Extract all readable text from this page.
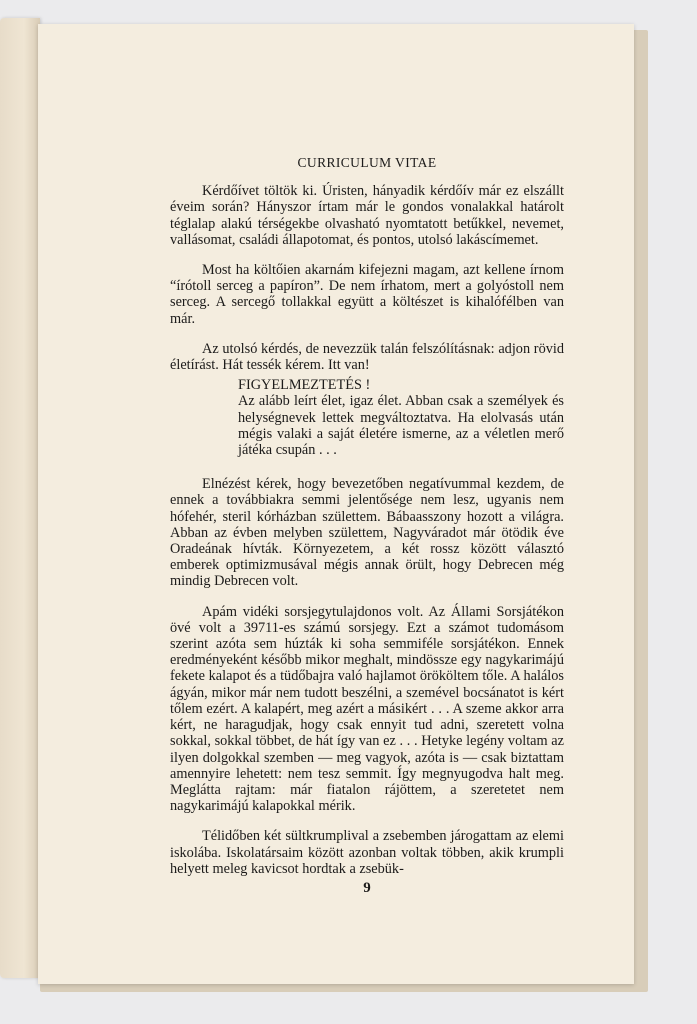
CURRICULUM VITAE

Kérdőívet töltök ki. Úristen, hányadik kérdőív már ez elszállt éveim során? Hányszor írtam már le gondos vonalakkal határolt téglalap alakú térségekbe olvasható nyomtatott betűkkel, nevemet, vallásomat, családi állapotomat, és pontos, utolsó lakáscímemet.

Most ha költőien akarnám kifejezni magam, azt kellene írnom “írótoll serceg a papíron”. De nem írhatom, mert a golyóstoll nem serceg. A sercegő tollakkal együtt a költészet is kihalófélben van már.

Az utolsó kérdés, de nevezzük talán felszólításnak: adjon rövid életírást. Hát tessék kérem. Itt van!

FIGYELMEZTETÉS !

Az alább leírt élet, igaz élet. Abban csak a személyek és helységnevek lettek megváltoztatva. Ha elolvasás után mégis valaki a saját életére ismerne, az a véletlen merő játéka csupán . . .

Elnézést kérek, hogy bevezetőben negatívummal kezdem, de ennek a továbbiakra semmi jelentősége nem lesz, ugyanis nem hófehér, steril kórházban születtem. Bábaasszony hozott a világra. Abban az évben melyben születtem, Nagyváradot már ötödik éve Oradeának hívták. Környezetem, a két rossz között választó emberek optimizmusával mégis annak örült, hogy Debrecen még mindig Debrecen volt.

Apám vidéki sorsjegytulajdonos volt. Az Állami Sorsjátékon övé volt a 39711-es számú sorsjegy. Ezt a számot tudomásom szerint azóta sem húzták ki soha semmiféle sorsjátékon. Ennek eredményeként később mikor meghalt, mindössze egy nagykarimájú fekete kalapot és a tüdőbajra való hajlamot örököltem tőle. A halálos ágyán, mikor már nem tudott beszélni, a szemével bocsánatot is kért tőlem ezért. A kalapért, meg azért a másikért . . . A szeme akkor arra kért, ne haragudjak, hogy csak ennyit tud adni, szeretett volna sokkal, sokkal többet, de hát így van ez . . . Hetyke legény voltam az ilyen dolgokkal szemben — meg vagyok, azóta is — csak biztattam amennyire lehetett: nem tesz semmit. Így megnyugodva halt meg. Meglátta rajtam: már fiatalon rájöttem, a szeretetet nem nagykarimájú kalapokkal mérik.

Télidőben két sültkrumplival a zsebemben járogattam az elemi iskolába. Iskolatársaim között azonban voltak többen, akik krumpli helyett meleg kavicsot hordtak a zsebük-

9
